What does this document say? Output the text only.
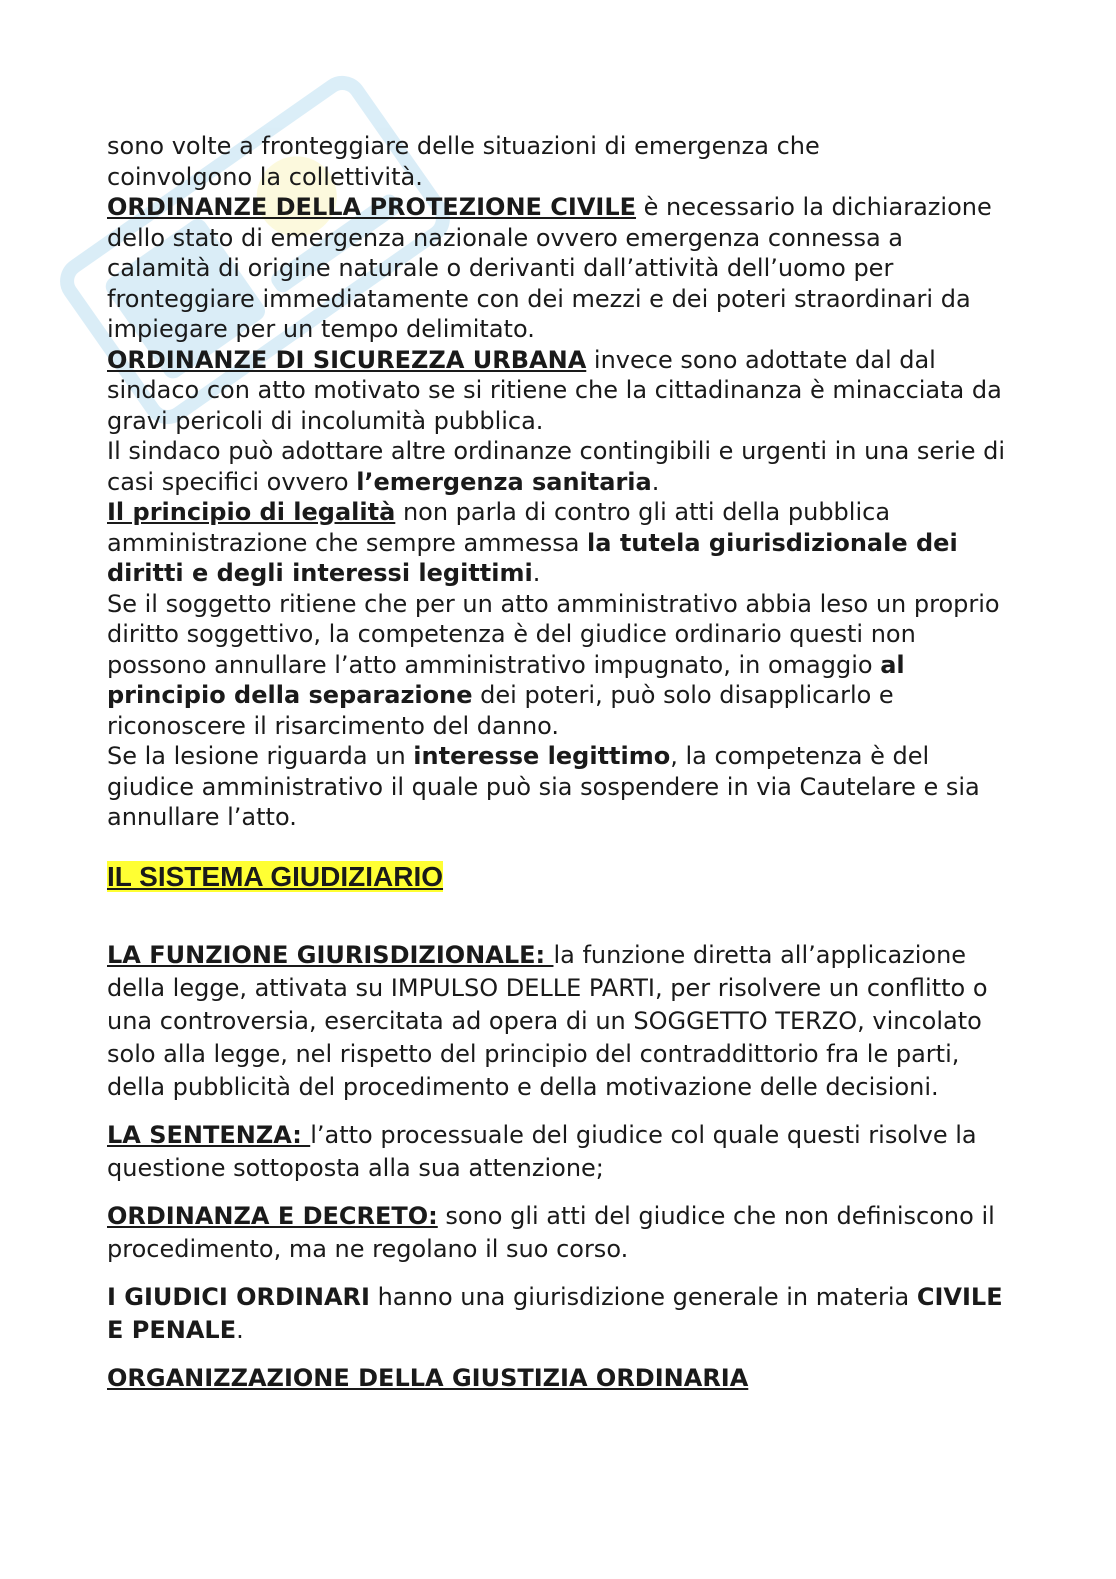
sono volte a fronteggiare delle situazioni di emergenza che
coinvolgono la collettività.
ORDINANZE DELLA PROTEZIONE CIVILE è necessario la dichiarazione dello stato di emergenza nazionale ovvero emergenza connessa a calamità di origine naturale o derivanti dall’attività dell’uomo per fronteggiare immediatamente con dei mezzi e dei poteri straordinari da impiegare per un tempo delimitato.
ORDINANZE DI SICUREZZA URBANA invece sono adottate dal dal sindaco con atto motivato se si ritiene che la cittadinanza è minacciata da gravi pericoli di incolumità pubblica.
Il sindaco può adottare altre ordinanze contingibili e urgenti in una serie di casi specifici ovvero l’emergenza sanitaria.
Il principio di legalità non parla di contro gli atti della pubblica amministrazione che sempre ammessa la tutela giurisdizionale dei diritti e degli interessi legittimi.
Se il soggetto ritiene che per un atto amministrativo abbia leso un proprio diritto soggettivo, la competenza è del giudice ordinario questi non possono annullare l’atto amministrativo impugnato, in omaggio al principio della separazione dei poteri, può solo disapplicarlo e riconoscere il risarcimento del danno.
Se la lesione riguarda un interesse legittimo, la competenza è del giudice amministrativo il quale può sia sospendere in via Cautelare e sia annullare l’atto.

IL SISTEMA GIUDIZIARIO

LA FUNZIONE GIURISDIZIONALE: la funzione diretta all’applicazione della legge, attivata su IMPULSO DELLE PARTI, per risolvere un conflitto o una controversia, esercitata ad opera di un SOGGETTO TERZO, vincolato solo alla legge, nel rispetto del principio del contraddittorio fra le parti, della pubblicità del procedimento e della motivazione delle decisioni.

LA SENTENZA: l’atto processuale del giudice col quale questi risolve la questione sottoposta alla sua attenzione;

ORDINANZA E DECRETO: sono gli atti del giudice che non definiscono il procedimento, ma ne regolano il suo corso.

I GIUDICI ORDINARI hanno una giurisdizione generale in materia CIVILE E PENALE.

ORGANIZZAZIONE DELLA GIUSTIZIA ORDINARIA
